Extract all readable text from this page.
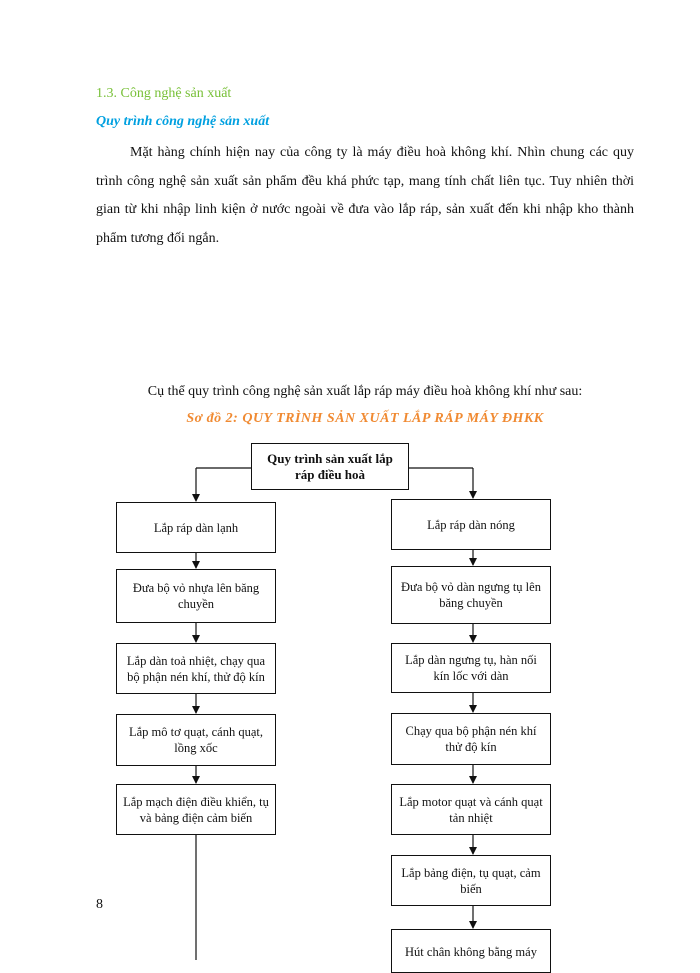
1.3. Công nghệ sản xuất
Quy trình công nghệ sản xuất
Mặt hàng chính hiện nay của công ty là máy điều hoà không khí. Nhìn chung các quy trình công nghệ sản xuất sản phẩm đều khá phức tạp, mang tính chất liên tục. Tuy nhiên thời gian từ khi nhập linh kiện ở nước ngoài về đưa vào lắp ráp, sản xuất đến khi nhập kho thành phẩm tương đối ngắn.
Cụ thể quy trình công nghệ sản xuất lắp ráp máy điều hoà không khí như sau:
Sơ đồ 2: QUY TRÌNH SẢN XUẤT LẮP RÁP MÁY ĐHKK
Quy trình sản xuất lắp ráp điều hoà
Lắp ráp dàn lạnh
Đưa bộ vỏ nhựa lên băng chuyền
Lắp dàn toả nhiệt, chạy qua bộ phận nén khí, thử độ kín
Lắp mô tơ quạt, cánh quạt, lồng xốc
Lắp mạch điện điều khiển, tụ và bảng điện cảm biến
Lắp ráp dàn nóng
Đưa bộ vỏ dàn ngưng tụ lên băng chuyền
Lắp dàn ngưng tụ, hàn nối kín lốc với dàn
Chạy qua bộ phận nén khí thử độ kín
Lắp motor quạt và cánh quạt tản nhiệt
Lắp bảng điện, tụ quạt, cảm biến
Hút chân không bằng máy
8
